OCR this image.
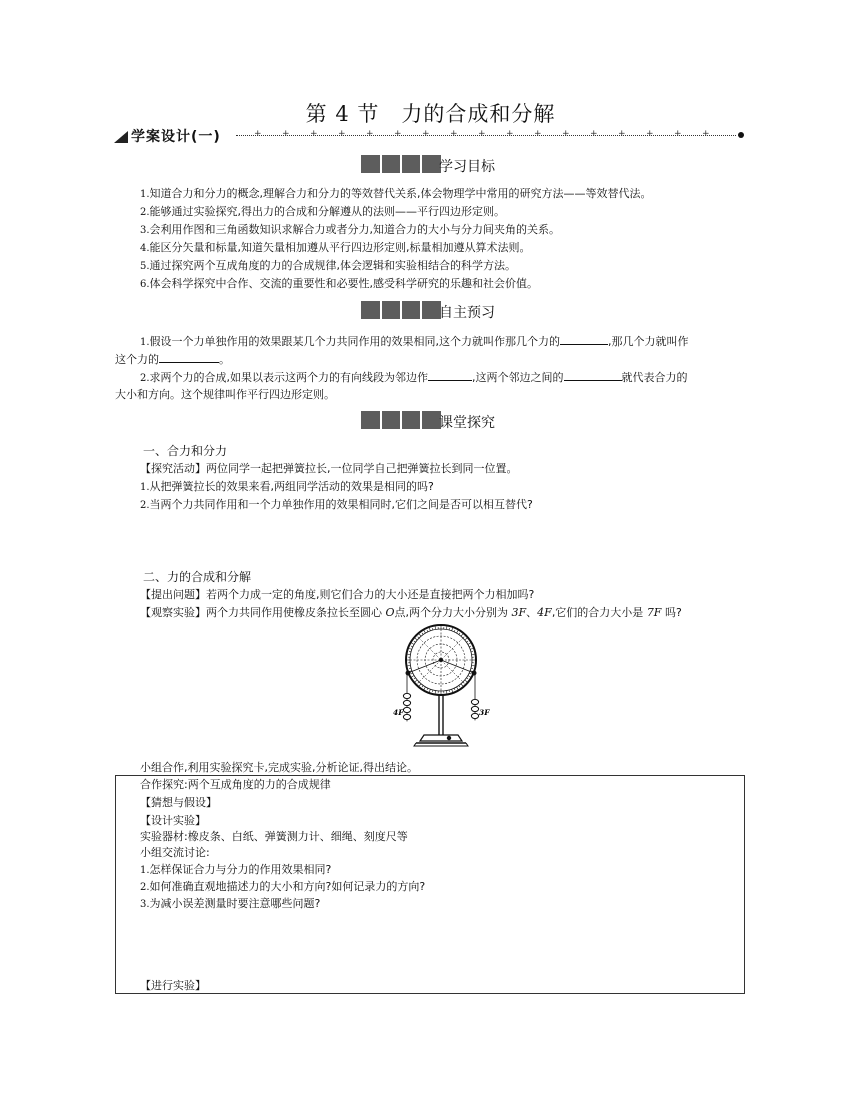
第 4 节　力的合成和分解
学案设计(一)	+ + + + + + + + + + + + + + + + +
学习目标
1.知道合力和分力的概念,理解合力和分力的等效替代关系,体会物理学中常用的研究方法——等效替代法。
2.能够通过实验探究,得出力的合成和分解遵从的法则——平行四边形定则。
3.会利用作图和三角函数知识求解合力或者分力,知道合力的大小与分力间夹角的关系。
4.能区分矢量和标量,知道矢量相加遵从平行四边形定则,标量相加遵从算术法则。
5.通过探究两个互成角度的力的合成规律,体会逻辑和实验相结合的科学方法。
6.体会科学探究中合作、交流的重要性和必要性,感受科学研究的乐趣和社会价值。
自主预习
1.假设一个力单独作用的效果跟某几个力共同作用的效果相同,这个力就叫作那几个力的	,那几个力就叫作
这个力的	。
2.求两个力的合成,如果以表示这两个力的有向线段为邻边作	,这两个邻边之间的	就代表合力的
大小和方向。这个规律叫作平行四边形定则。
课堂探究
一、合力和分力
【探究活动】两位同学一起把弹簧拉长,一位同学自己把弹簧拉长到同一位置。
1.从把弹簧拉长的效果来看,两组同学活动的效果是相同的吗?
2.当两个力共同作用和一个力单独作用的效果相同时,它们之间是否可以相互替代?
二、力的合成和分解
【提出问题】若两个力成一定的角度,则它们合力的大小还是直接把两个力相加吗?
【观察实验】两个力共同作用使橡皮条拉长至圆心 O点,两个分力大小分别为 3F、4F,它们的合力大小是 7F 吗?
4F	3F
小组合作,利用实验探究卡,完成实验,分析论证,得出结论。
合作探究:两个互成角度的力的合成规律
【猜想与假设】
【设计实验】
实验器材:橡皮条、白纸、弹簧测力计、细绳、刻度尺等
小组交流讨论:
1.怎样保证合力与分力的作用效果相同?
2.如何准确直观地描述力的大小和方向?如何记录力的方向?
3.为减小误差测量时要注意哪些问题?
【进行实验】
